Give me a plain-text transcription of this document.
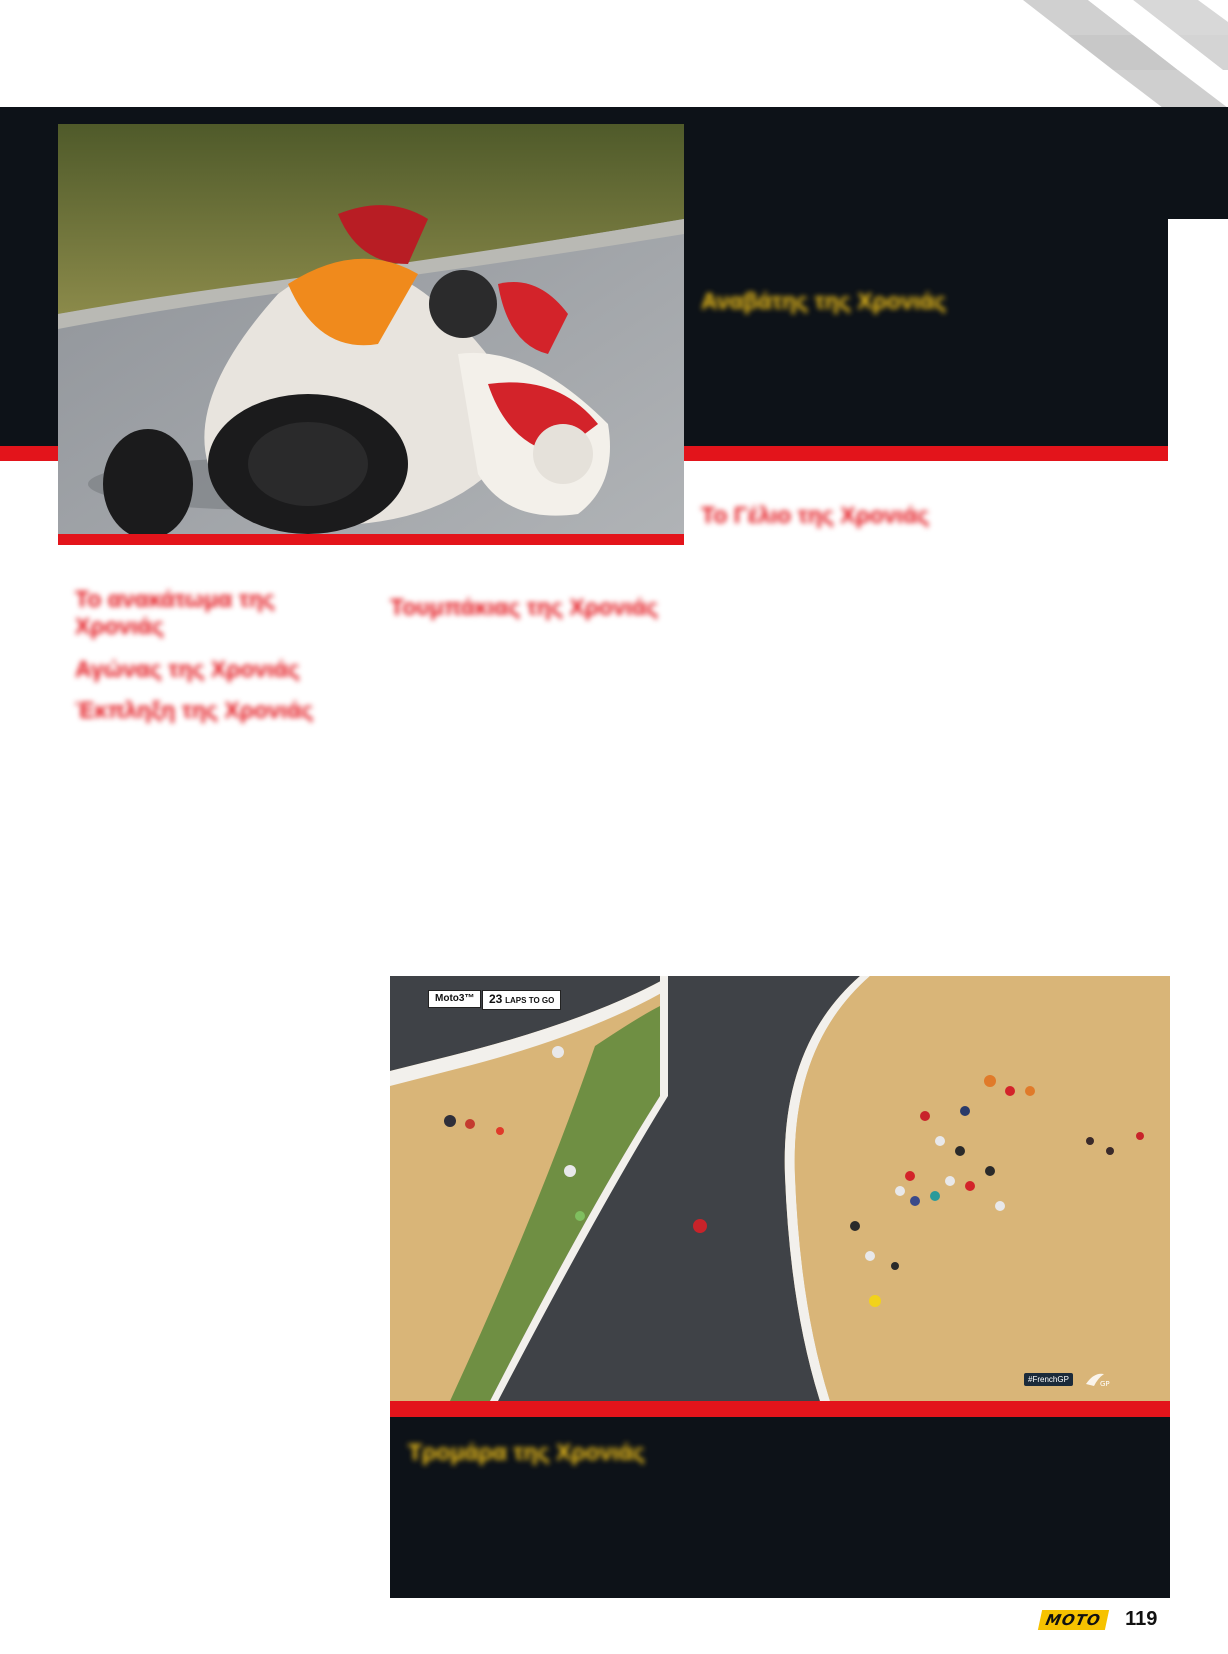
Αναβάτης της Χρονιάς

Το ανακάτωμα της Χρονιάς

Αγώνας της Χρονιάς

Έκπληξη της Χρονιάς

Τουμπάκιας της Χρονιάς

Το Γέλιο της Χρονιάς

Moto3™	23 LAPS TO GO
#FrenchGP	GP
Τρομάρα της Χρονιάς

MOTO 119
